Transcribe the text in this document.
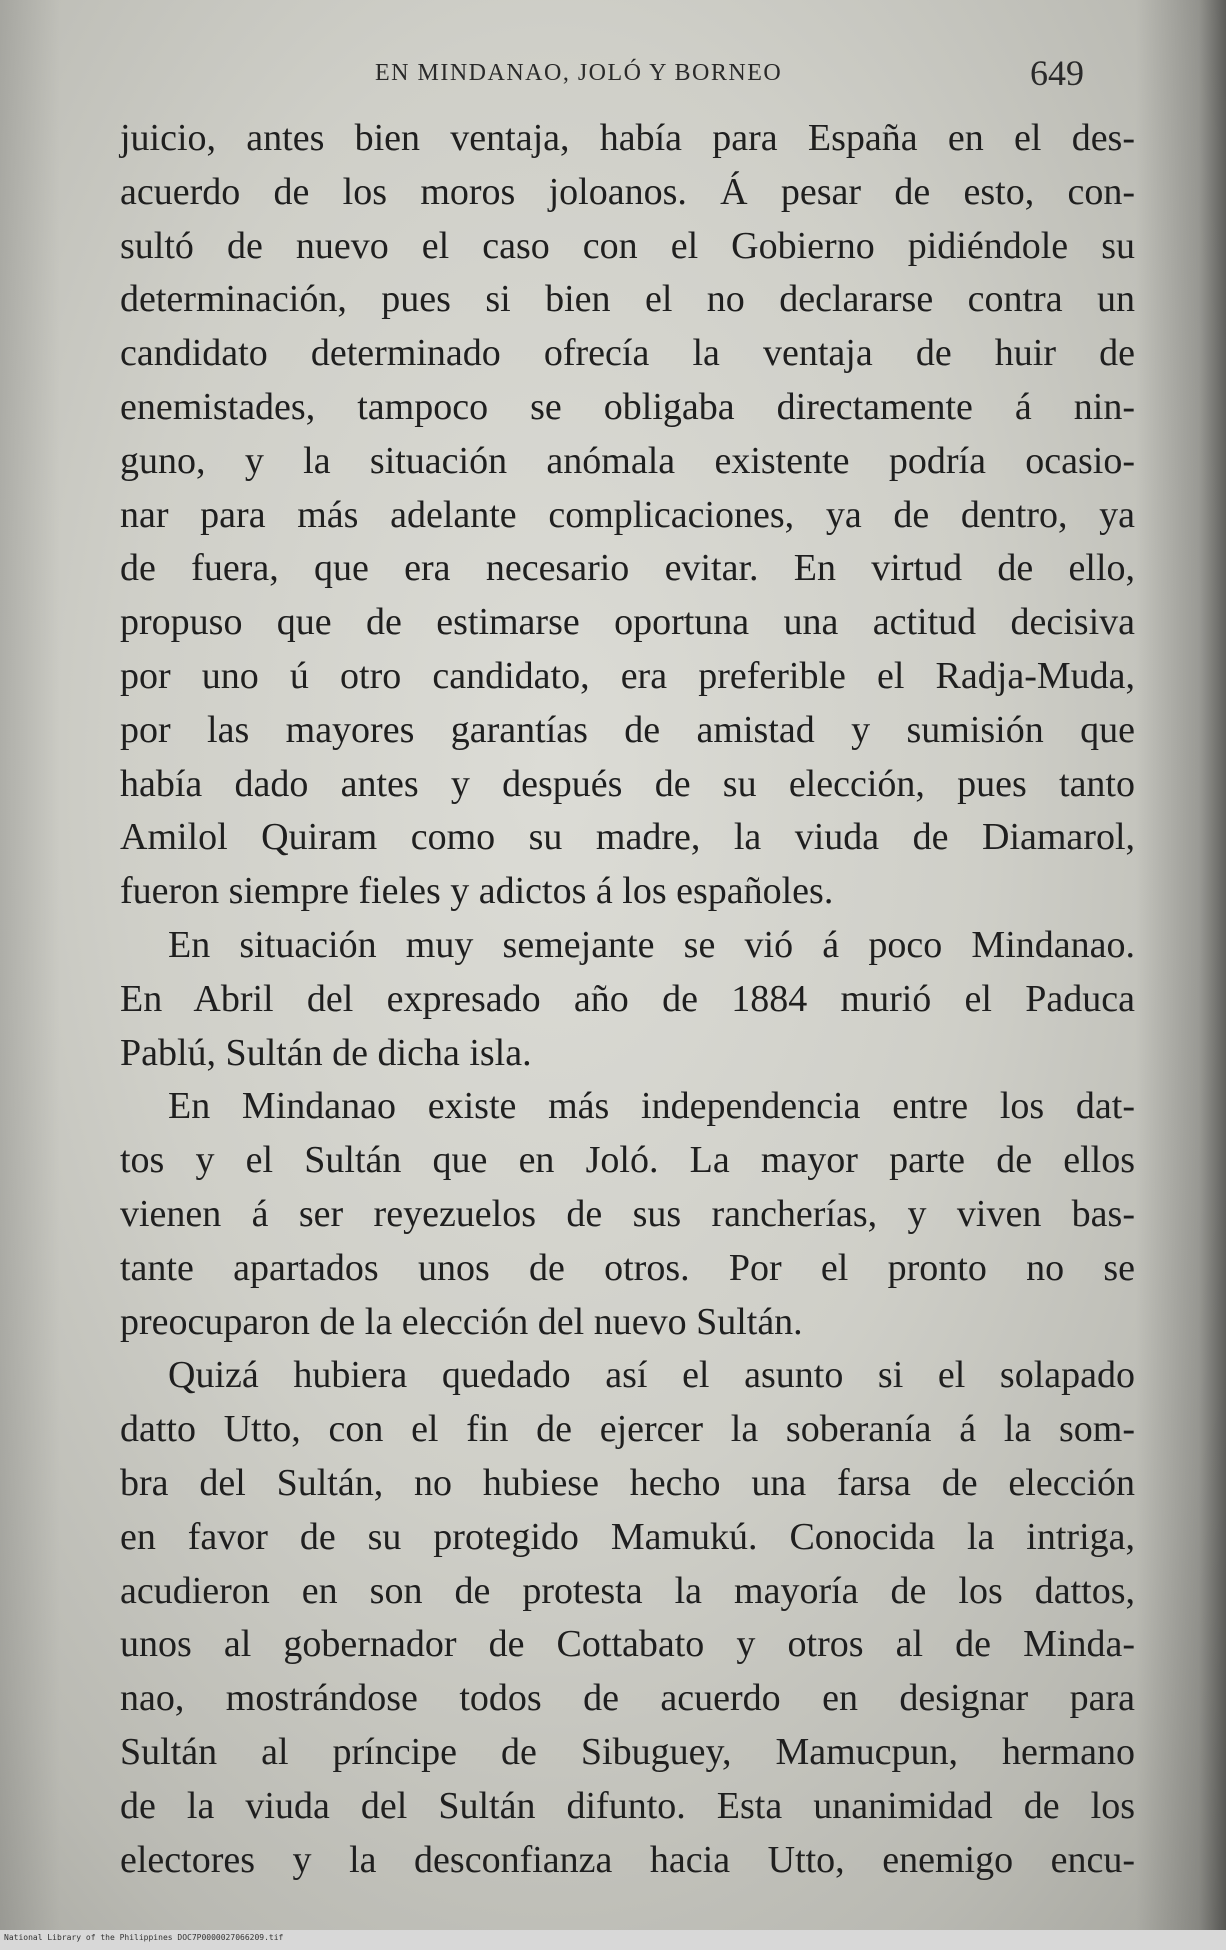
EN MINDANAO, JOLÓ Y BORNEO	649
juicio, antes bien ventaja, había para España en el des-
acuerdo de los moros joloanos. Á pesar de esto, con-
sultó de nuevo el caso con el Gobierno pidiéndole su
determinación, pues si bien el no declararse contra un
candidato determinado ofrecía la ventaja de huir de
enemistades, tampoco se obligaba directamente á nin-
guno, y la situación anómala existente podría ocasio-
nar para más adelante complicaciones, ya de dentro, ya
de fuera, que era necesario evitar. En virtud de ello,
propuso que de estimarse oportuna una actitud decisiva
por uno ú otro candidato, era preferible el Radja-Muda,
por las mayores garantías de amistad y sumisión que
había dado antes y después de su elección, pues tanto
Amilol Quiram como su madre, la viuda de Diamarol,
fueron siempre fieles y adictos á los españoles.
En situación muy semejante se vió á poco Mindanao.
En Abril del expresado año de 1884 murió el Paduca
Pablú, Sultán de dicha isla.
En Mindanao existe más independencia entre los dat-
tos y el Sultán que en Joló. La mayor parte de ellos
vienen á ser reyezuelos de sus rancherías, y viven bas-
tante apartados unos de otros. Por el pronto no se
preocuparon de la elección del nuevo Sultán.
Quizá hubiera quedado así el asunto si el solapado
datto Utto, con el fin de ejercer la soberanía á la som-
bra del Sultán, no hubiese hecho una farsa de elección
en favor de su protegido Mamukú. Conocida la intriga,
acudieron en son de protesta la mayoría de los dattos,
unos al gobernador de Cottabato y otros al de Minda-
nao, mostrándose todos de acuerdo en designar para
Sultán al príncipe de Sibuguey, Mamucpun, hermano
de la viuda del Sultán difunto. Esta unanimidad de los
electores y la desconfianza hacia Utto, enemigo encu-
National Library of the Philippines DOC7P0000027066209.tif
